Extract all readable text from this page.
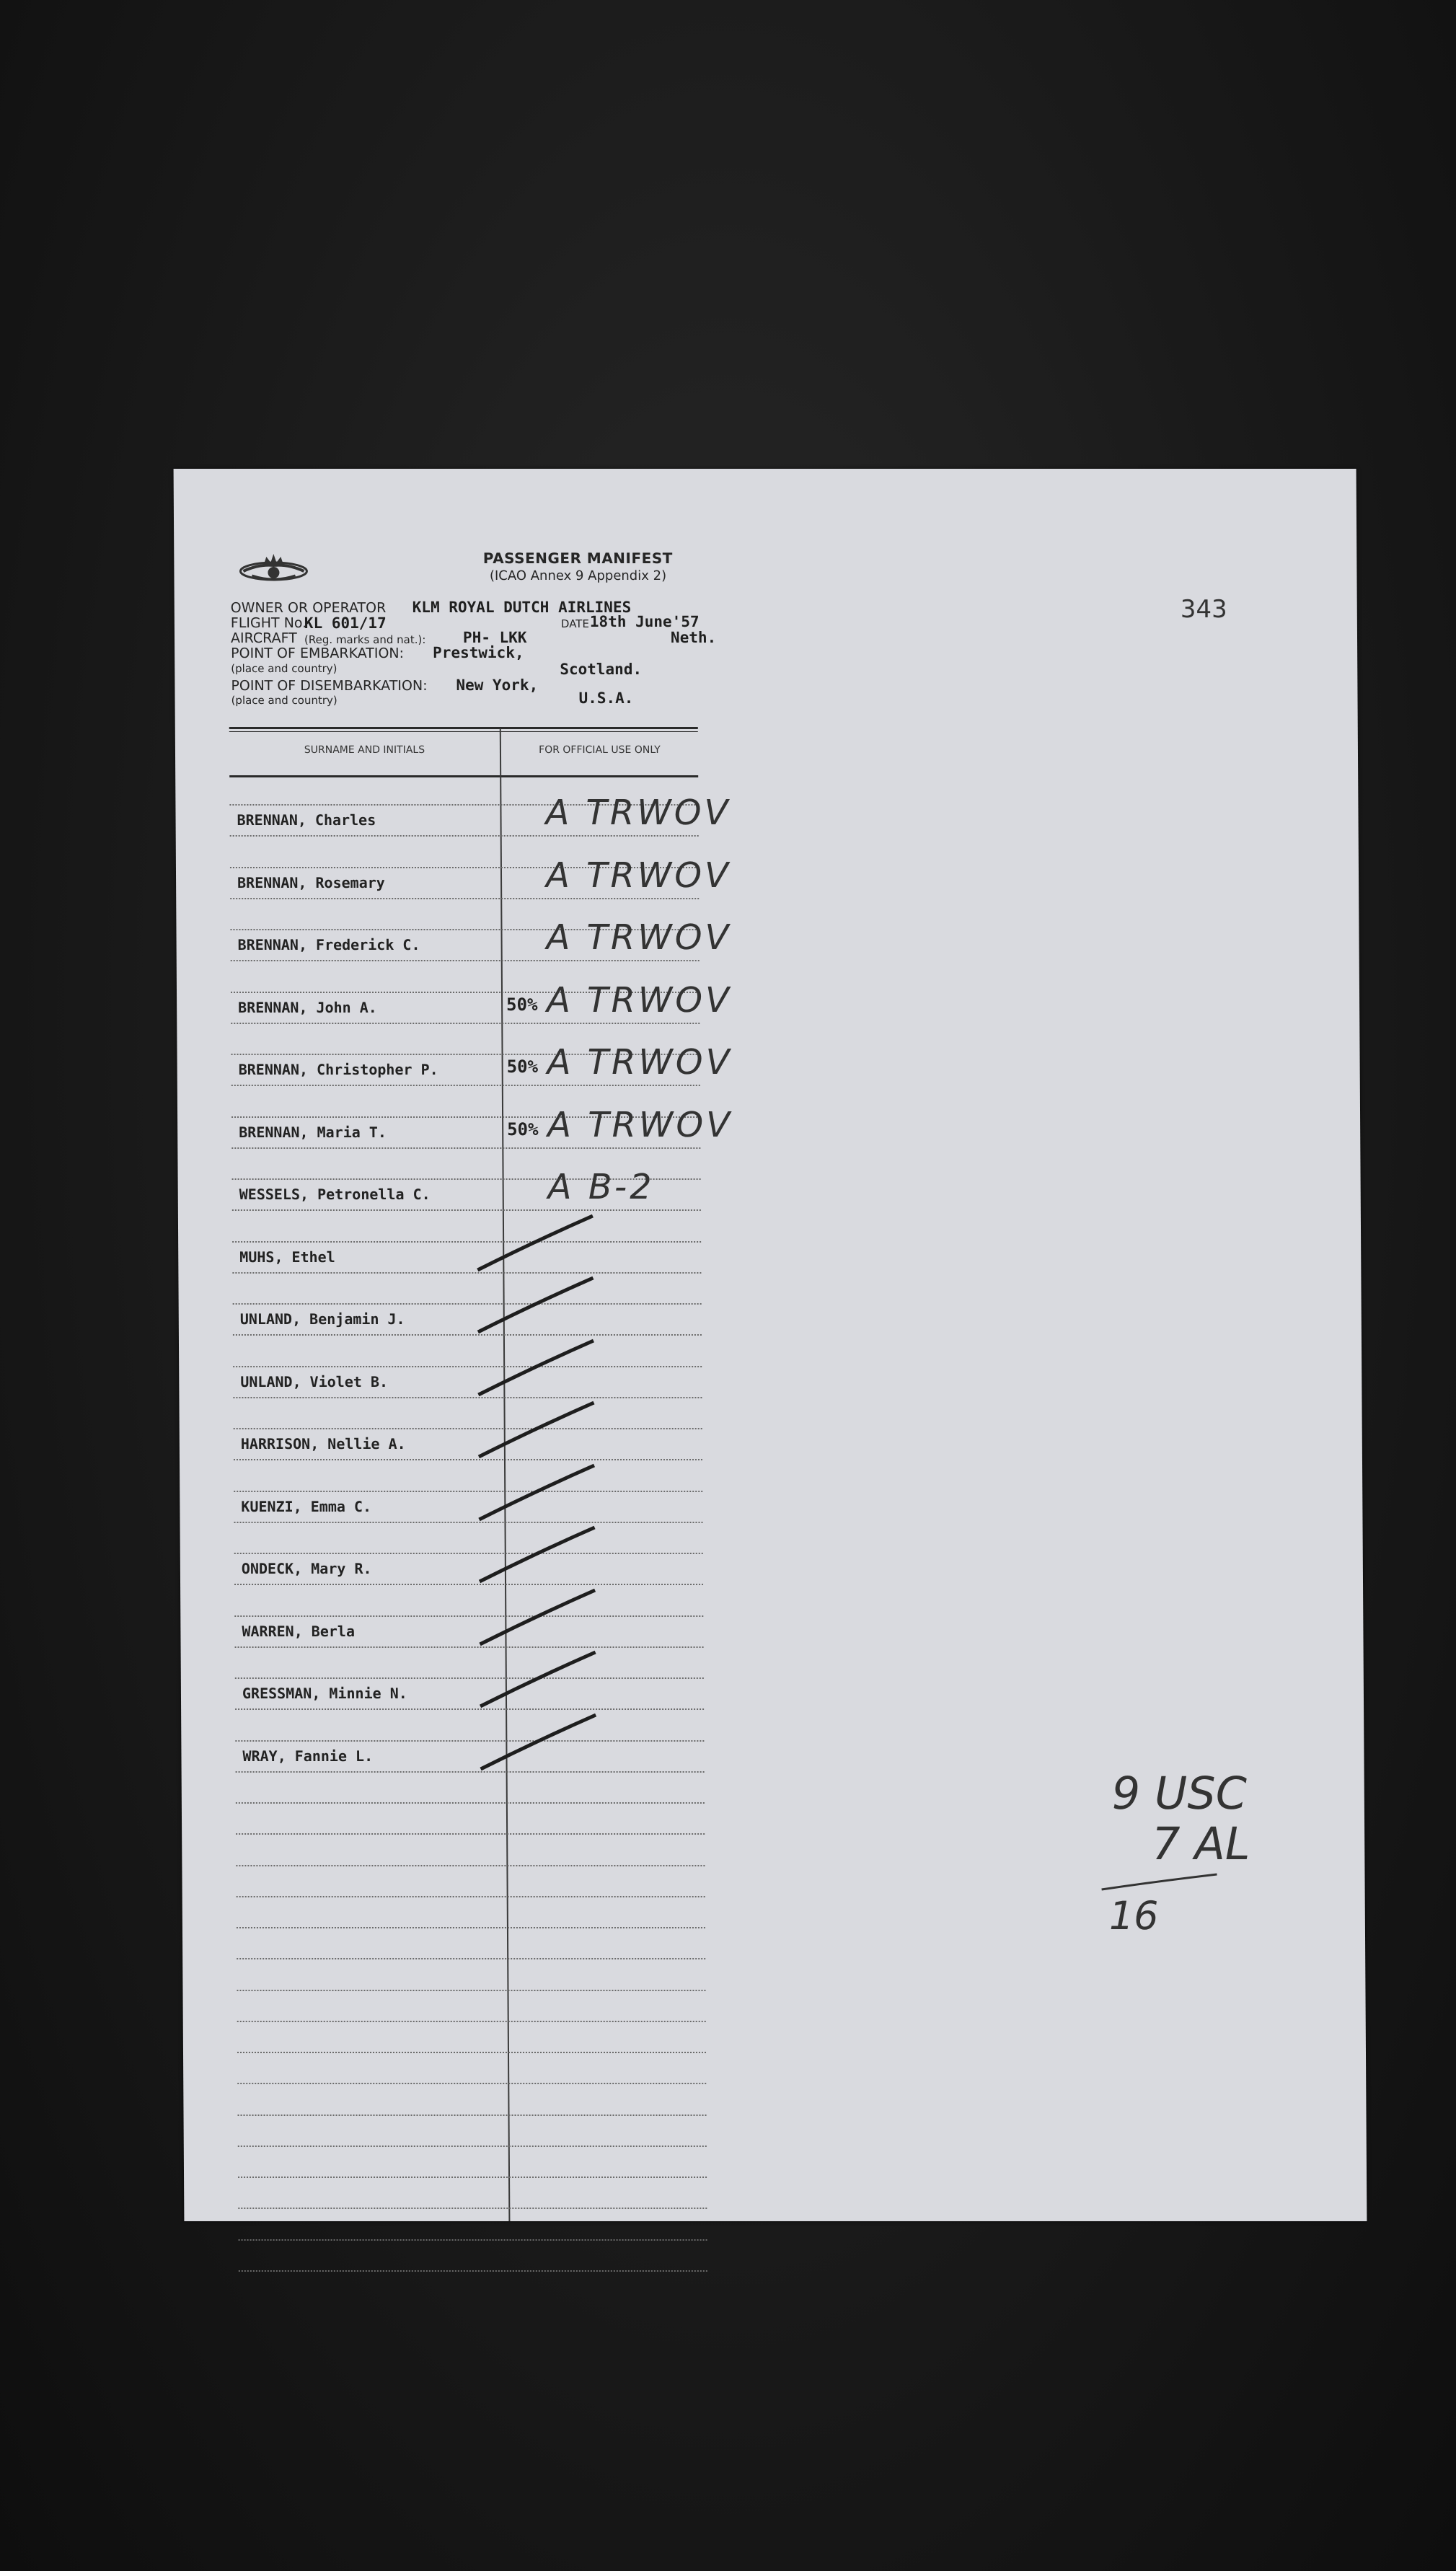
PASSENGER MANIFEST
(ICAO Annex 9 Appendix 2)
343
OWNER OR OPERATOR KLM ROYAL DUTCH AIRLINES
FLIGHT No.
KL 601/17	DATE 18th June'57
AIRCRAFT (Reg. marks and nat.): PH- LKK	Neth.
POINT OF EMBARKATION: Prestwick,
(place and country)	Scotland.
POINT OF DISEMBARKATION: New York,
(place and country)	U.S.A.
SURNAME AND INITIALS	FOR OFFICIAL USE ONLY
BRENNAN, Charles	A TRWOV
BRENNAN, Rosemary	A TRWOV
BRENNAN, Frederick C.	A TRWOV
BRENNAN, John A.	50% A TRWOV
BRENNAN, Christopher P.	50% A TRWOV
BRENNAN, Maria T.	50% A TRWOV
WESSELS, Petronella C.	A B-2
MUHS, Ethel
UNLAND, Benjamin J.
UNLAND, Violet B.
HARRISON, Nellie A.
KUENZI, Emma C.
ONDECK, Mary R.
WARREN, Berla
GRESSMAN, Minnie N.
WRAY, Fannie L.
9 USC
7 AL
16
